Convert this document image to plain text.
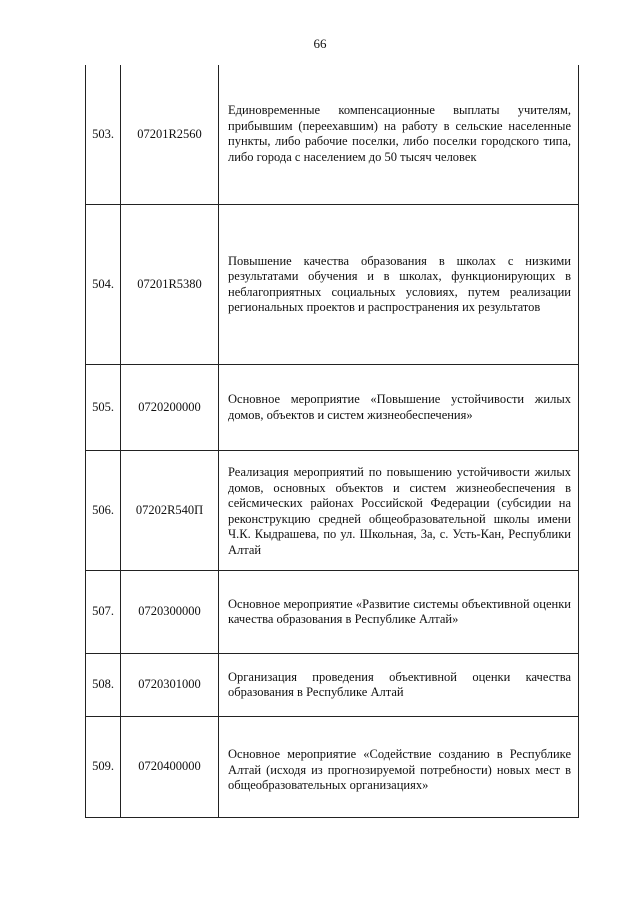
66
503.	07201R2560	Единовременные компенсационные выплаты учителям, прибывшим (переехавшим) на работу в сельские населенные пункты, либо рабочие поселки, либо поселки городского типа, либо города с населением до 50 тысяч человек

504.	07201R5380	Повышение качества образования в школах с низкими результатами обучения и в школах, функционирующих в неблагоприятных социальных условиях, путем реализации региональных проектов и распространения их результатов

505.	0720200000	Основное мероприятие «Повышение устойчивости жилых домов, объектов и систем жизнеобеспечения»

506.	07202R540П	Реализация мероприятий по повышению устойчивости жилых домов, основных объектов и систем жизнеобеспечения в сейсмических районах Российской Федерации (субсидии на реконструкцию средней общеобразовательной школы имени Ч.К. Кыдрашева, по ул. Школьная, 3а, с. Усть-Кан, Республики Алтай

507.	0720300000	Основное мероприятие «Развитие системы объективной оценки качества образования в Республике Алтай»

508.	0720301000	Организация проведения объективной оценки качества образования в Республике Алтай

509.	0720400000	Основное мероприятие «Содействие созданию в Республике Алтай (исходя из прогнозируемой потребности) новых мест в общеобразовательных организациях»
